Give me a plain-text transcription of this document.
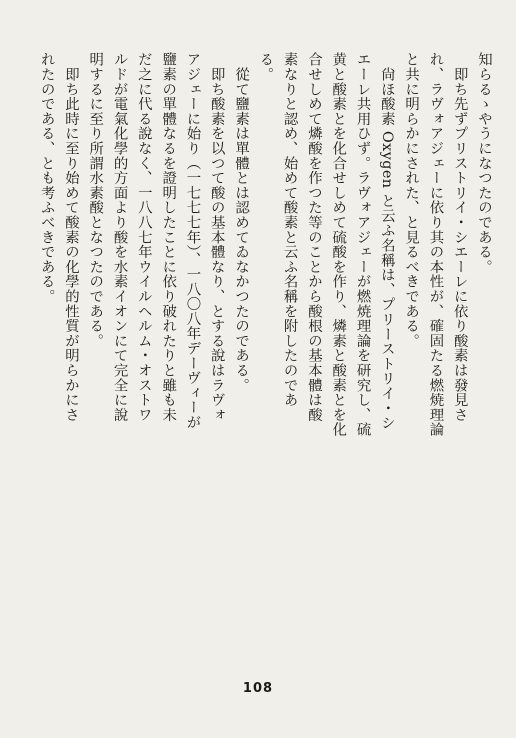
知らるゝやうになつたのである。

　即ち先ずプリストリイ・シエーレに依り酸素は發見さ

れ、ラヴォアジェーに依り其の本性が、確固たる燃焼理論

と共に明らかにされた、と見るべきである。

　尙ほ酸素 Oxygen と云ふ名稱は、プリーストリイ・シ

エーレ共用ひず。ラヴォアジェーが燃焼理論を研究し、硫

黄と酸素とを化合せしめて硫酸を作り、燐素と酸素とを化

合せしめて燐酸を作つた等のことから酸根の基本體は酸

素なりと認め、始めて酸素と云ふ名稱を附したのであ

る。

　從て鹽素は單體とは認めてゐなかつたのである。

　即ち酸素を以つて酸の基本體なり、とする說はラヴォ

アジェーに始り（一七七七年）、一八〇八年デーヴィーが

鹽素の單體なるを證明したことに依り破れたりと雖も未

だ之に代る說なく、一八八七年ウイルヘルム・オストワ

ルドが電氣化學的方面より酸を水素イオンにて完全に說

明するに至り所謂水素酸となつたのである。

　即ち此時に至り始めて酸素の化學的性質が明らかにさ

れたのである、とも考ふべきである。

108
